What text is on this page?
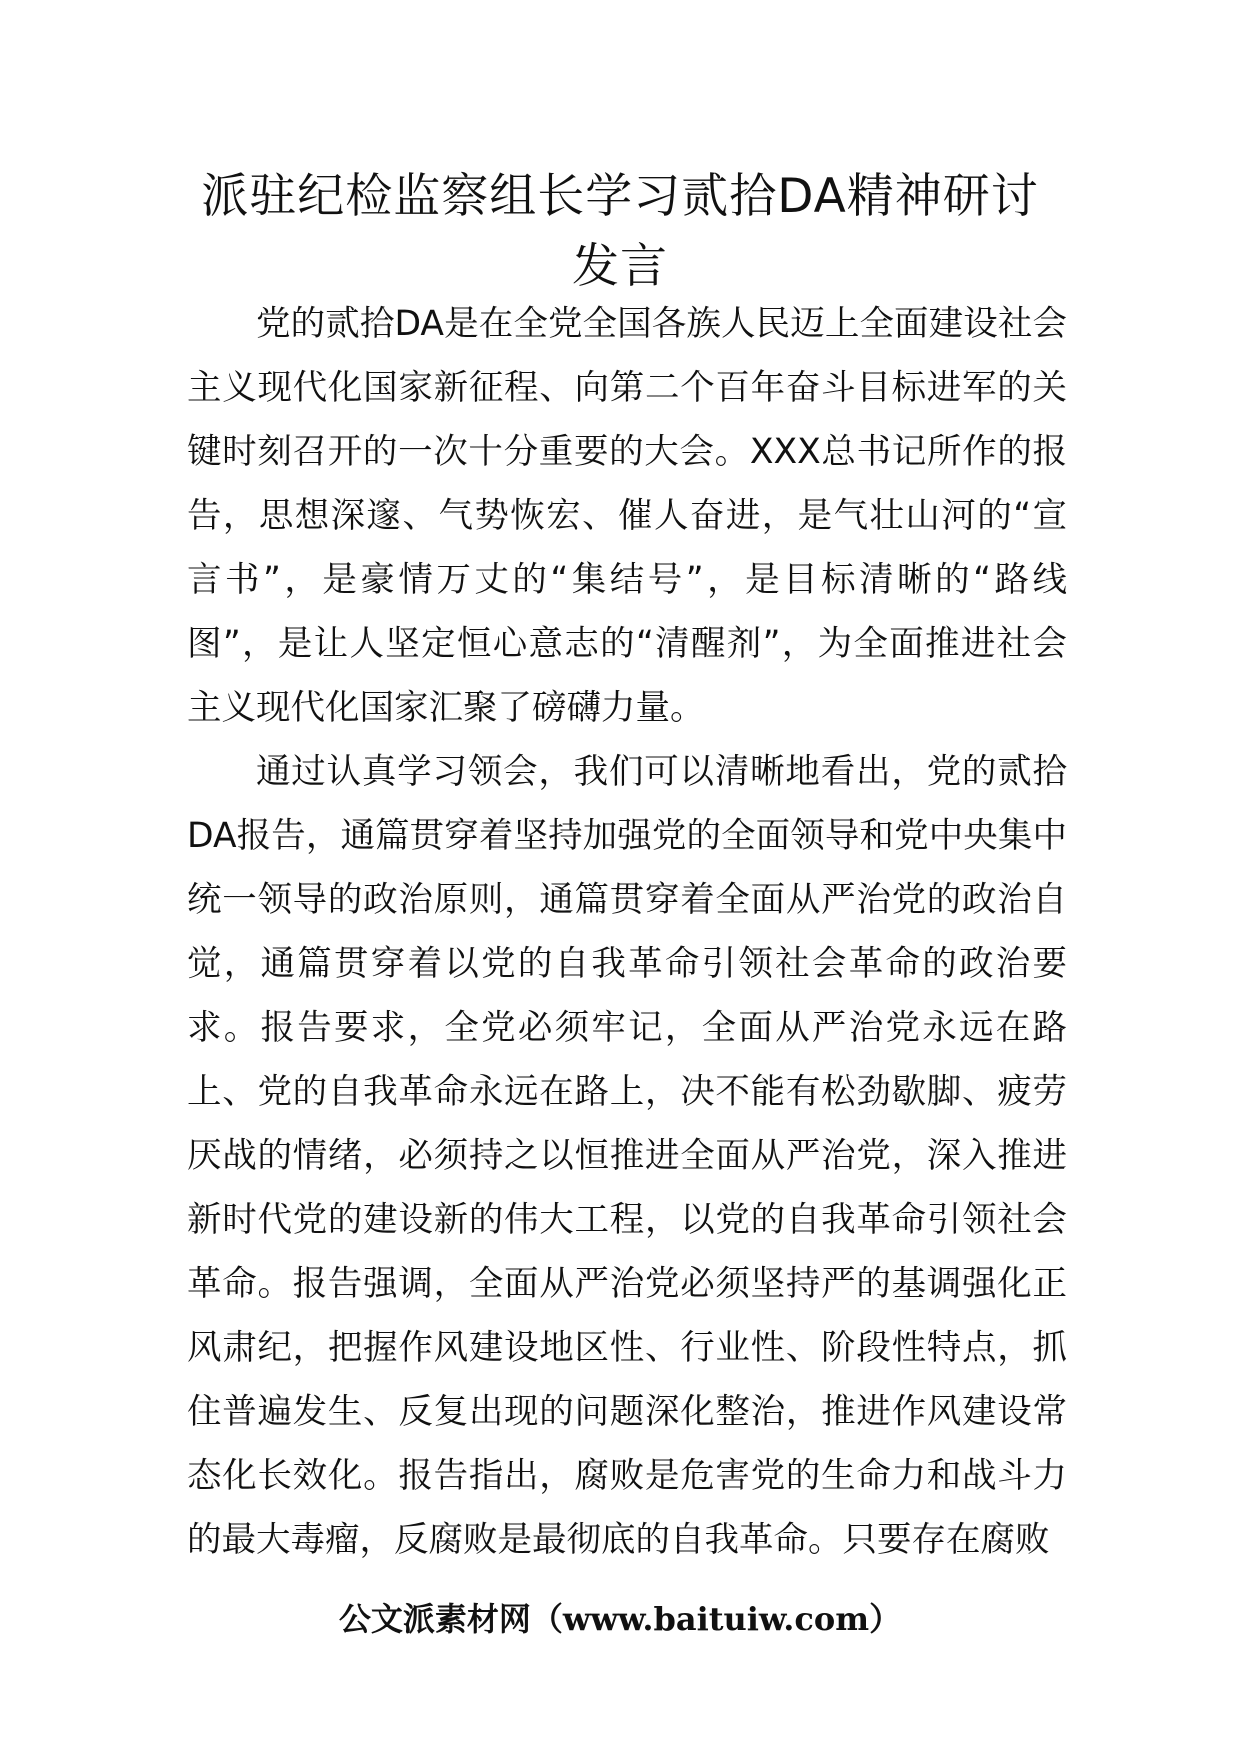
派驻纪检监察组长学习贰拾DA精神研讨
发言

党的贰拾DA是在全党全国各族人民迈上全面建设社会主义现代化国家新征程、向第二个百年奋斗目标进军的关键时刻召开的一次十分重要的大会。XXX总书记所作的报告，思想深邃、气势恢宏、催人奋进，是气壮山河的“宣言书”，是豪情万丈的“集结号”，是目标清晰的“路线图”，是让人坚定恒心意志的“清醒剂”，为全面推进社会主义现代化国家汇聚了磅礴力量。

通过认真学习领会，我们可以清晰地看出，党的贰拾DA报告，通篇贯穿着坚持加强党的全面领导和党中央集中统一领导的政治原则，通篇贯穿着全面从严治党的政治自觉，通篇贯穿着以党的自我革命引领社会革命的政治要求。报告要求，全党必须牢记，全面从严治党永远在路上、党的自我革命永远在路上，决不能有松劲歇脚、疲劳厌战的情绪，必须持之以恒推进全面从严治党，深入推进新时代党的建设新的伟大工程，以党的自我革命引领社会革命。报告强调，全面从严治党必须坚持严的基调强化正风肃纪，把握作风建设地区性、行业性、阶段性特点，抓住普遍发生、反复出现的问题深化整治，推进作风建设常态化长效化。报告指出，腐败是危害党的生命力和战斗力的最大毒瘤，反腐败是最彻底的自我革命。只要存在腐败

公文派素材网（www.baituiw.com）
